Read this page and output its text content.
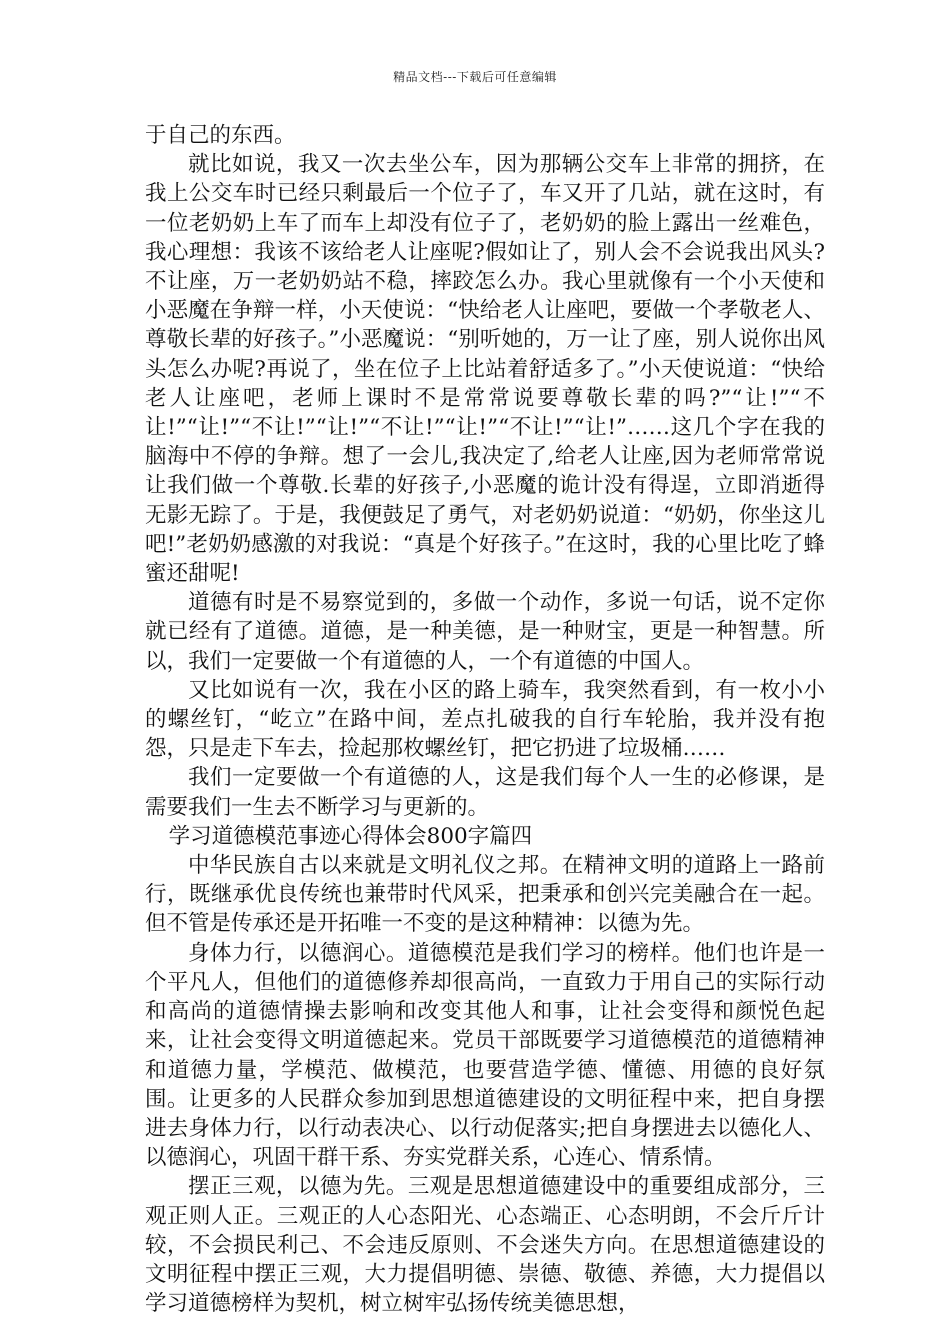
精品文档---下载后可任意编辑

于自己的东西。

就比如说，我又一次去坐公车，因为那辆公交车上非常的拥挤，在我上公交车时已经只剩最后一个位子了，车又开了几站，就在这时，有一位老奶奶上车了而车上却没有位子了，老奶奶的脸上露出一丝难色，我心理想：我该不该给老人让座呢?假如让了，别人会不会说我出风头?不让座，万一老奶奶站不稳，摔跤怎么办。我心里就像有一个小天使和小恶魔在争辩一样，小天使说：“快给老人让座吧，要做一个孝敬老人、尊敬长辈的好孩子。”小恶魔说：“别听她的，万一让了座，别人说你出风头怎么办呢?再说了，坐在位子上比站着舒适多了。”小天使说道：“快给老人让座吧，老师上课时不是常常说要尊敬长辈的吗?”“让!”“不让!”“让!”“不让!”“让!”“不让!”“让!”“不让!”“让!”……这几个字在我的脑海中不停的争辩。想了一会儿,我决定了,给老人让座,因为老师常常说让我们做一个尊敬.长辈的好孩子,小恶魔的诡计没有得逞，立即消逝得无影无踪了。于是，我便鼓足了勇气，对老奶奶说道：“奶奶，你坐这儿吧!”老奶奶感激的对我说：“真是个好孩子。”在这时，我的心里比吃了蜂蜜还甜呢!

道德有时是不易察觉到的，多做一个动作，多说一句话，说不定你就已经有了道德。道德，是一种美德，是一种财宝，更是一种智慧。所以，我们一定要做一个有道德的人，一个有道德的中国人。

又比如说有一次，我在小区的路上骑车，我突然看到，有一枚小小的螺丝钉，“屹立”在路中间，差点扎破我的自行车轮胎，我并没有抱怨，只是走下车去，捡起那枚螺丝钉，把它扔进了垃圾桶……

我们一定要做一个有道德的人，这是我们每个人一生的必修课，是需要我们一生去不断学习与更新的。

学习道德模范事迹心得体会800字篇四

中华民族自古以来就是文明礼仪之邦。在精神文明的道路上一路前行，既继承优良传统也兼带时代风采，把秉承和创兴完美融合在一起。但不管是传承还是开拓唯一不变的是这种精神：以德为先。

身体力行，以德润心。道德模范是我们学习的榜样。他们也许是一个平凡人，但他们的道德修养却很高尚，一直致力于用自己的实际行动和高尚的道德情操去影响和改变其他人和事，让社会变得和颜悦色起来，让社会变得文明道德起来。党员干部既要学习道德模范的道德精神和道德力量，学模范、做模范，也要营造学德、懂德、用德的良好氛围。让更多的人民群众参加到思想道德建设的文明征程中来，把自身摆进去身体力行，以行动表决心、以行动促落实;把自身摆进去以德化人、以德润心，巩固干群干系、夯实党群关系，心连心、情系情。

摆正三观，以德为先。三观是思想道德建设中的重要组成部分，三观正则人正。三观正的人心态阳光、心态端正、心态明朗，不会斤斤计较，不会损民利己、不会违反原则、不会迷失方向。在思想道德建设的文明征程中摆正三观，大力提倡明德、崇德、敬德、养德，大力提倡以学习道德榜样为契机，树立树牢弘扬传统美德思想，
